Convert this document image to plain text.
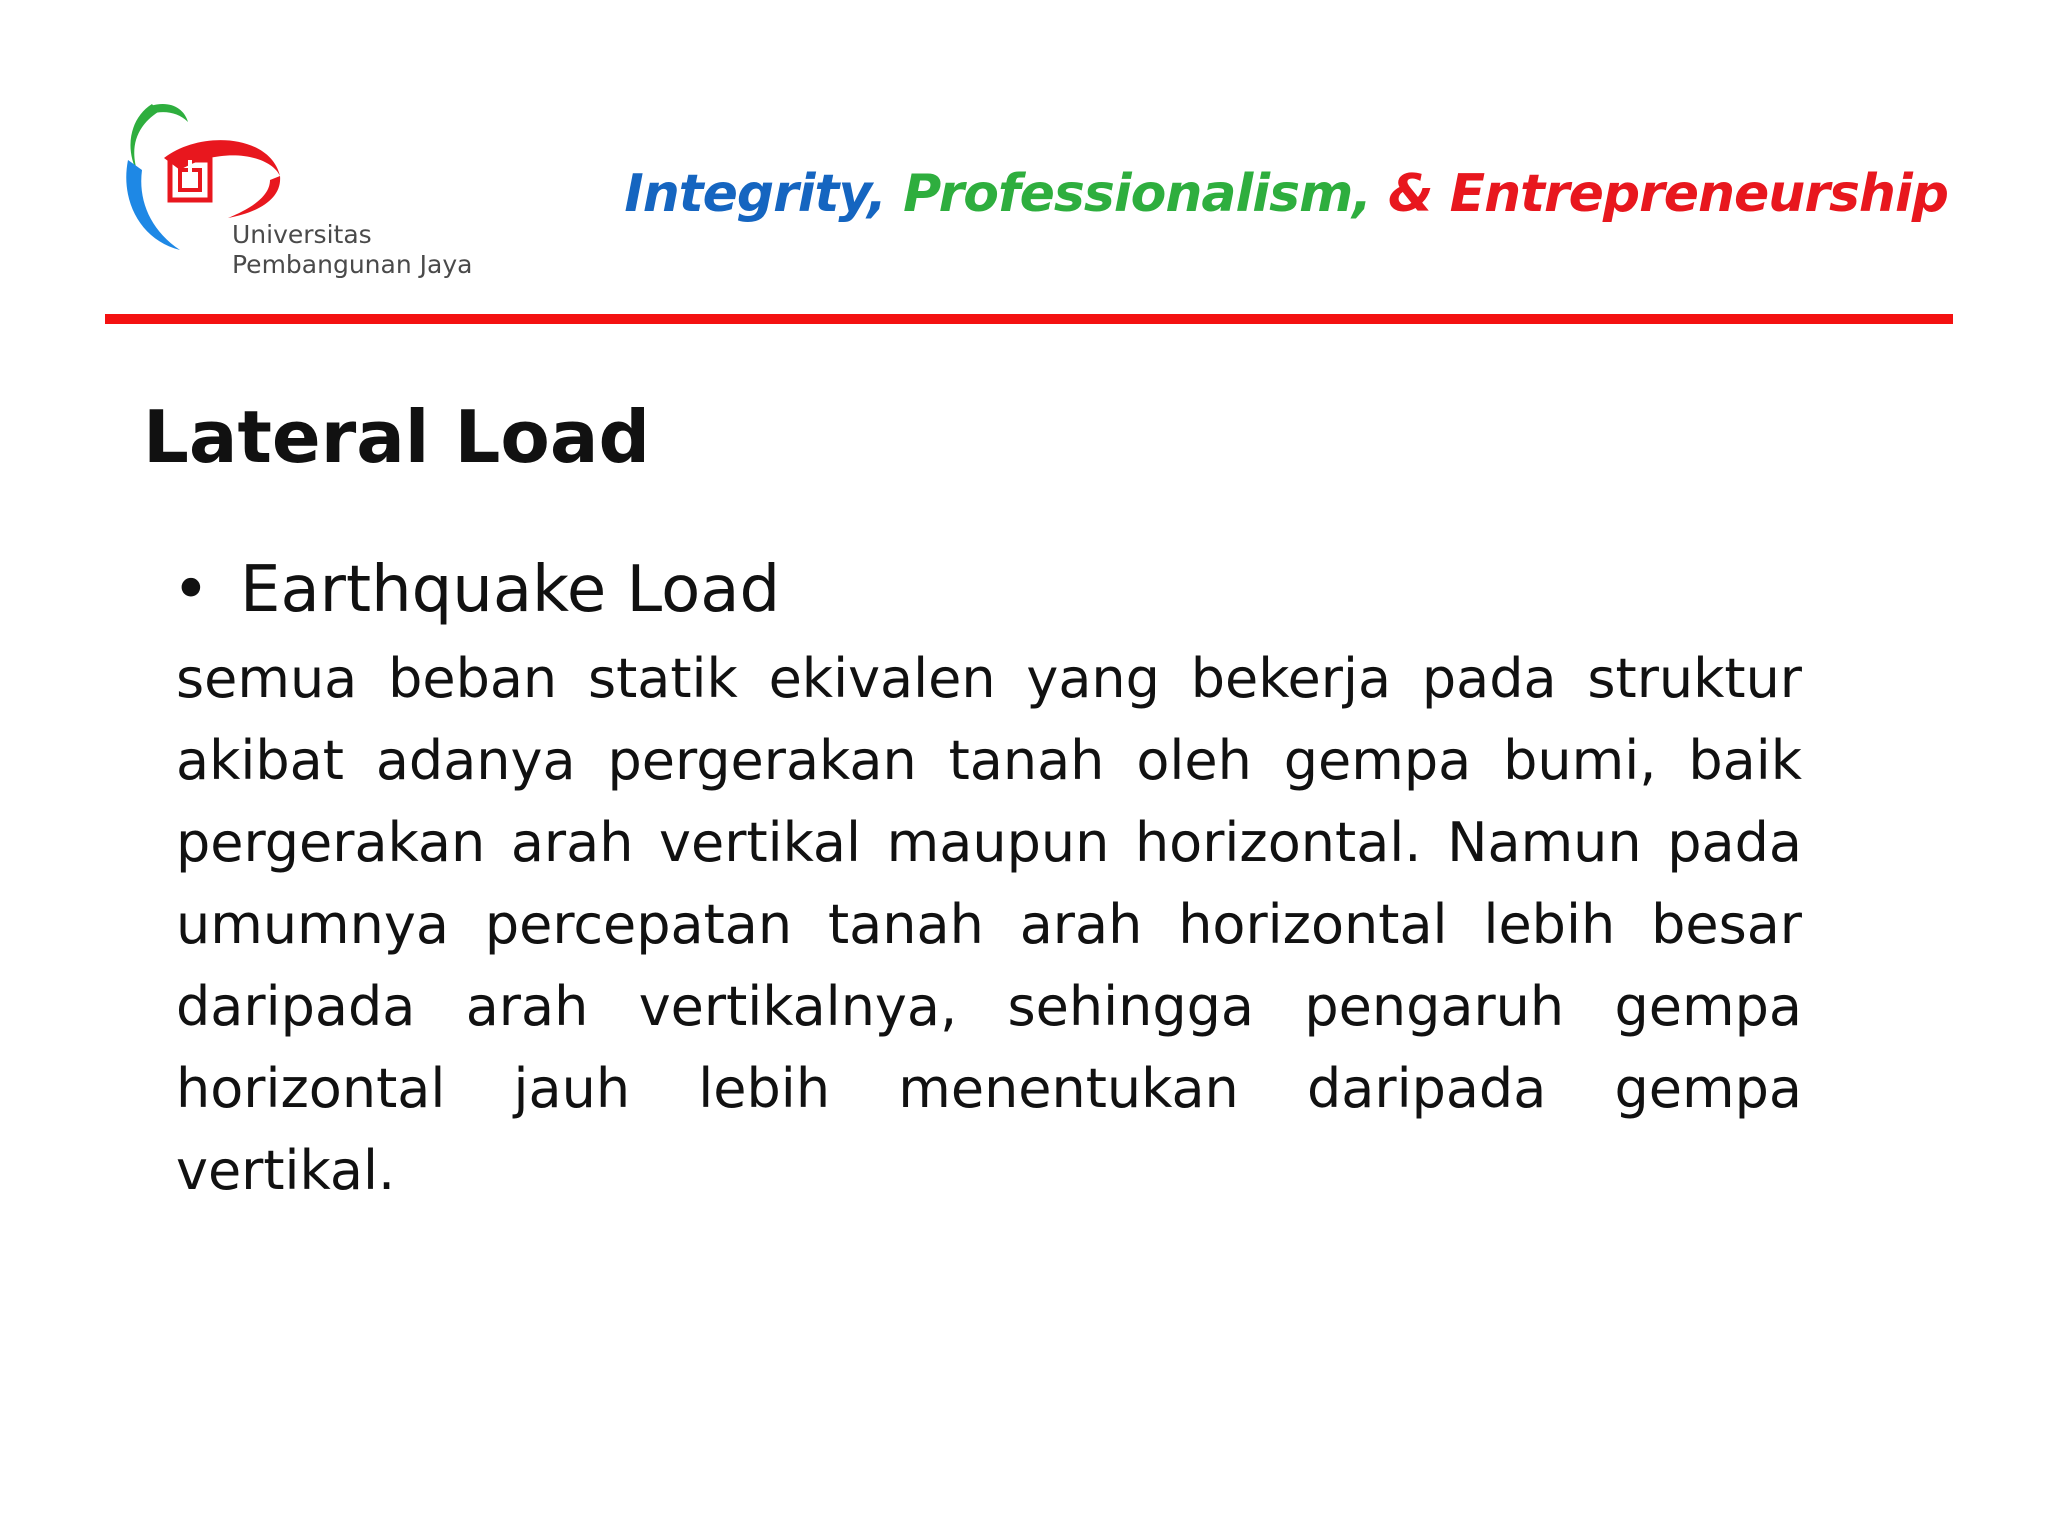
Universitas
Pembangunan Jaya
Integrity, Professionalism, & Entrepreneurship
Lateral Load
• Earthquake Load
semua beban statik ekivalen yang bekerja pada struktur
akibat adanya pergerakan tanah oleh gempa bumi, baik
pergerakan arah vertikal maupun horizontal. Namun pada
umumnya percepatan tanah arah horizontal lebih besar
daripada arah vertikalnya, sehingga pengaruh gempa
horizontal jauh lebih menentukan daripada gempa
vertikal.
